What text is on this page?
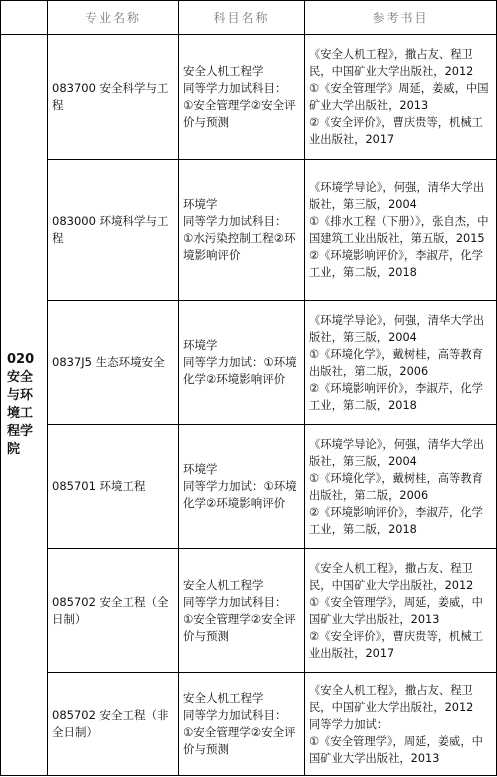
	专业名称	科目名称	参考书目
020 安全与环境工程学院	083700 安全科学与工程	安全人机工程学
同等学力加试科目：
①安全管理学②安全评价与预测	《安全人机工程》，撒占友、程卫民，中国矿业大学出版社，2012
①《安全管理学》周延，姜威，中国矿业大学出版社，2013
②《安全评价》，曹庆贵等，机械工业出版社，2017

	083000 环境科学与工程	环境学
同等学力加试科目：
①水污染控制工程②环境影响评价	《环境学导论》，何强，清华大学出版社，第三版，2004
①《排水工程（下册）》，张自杰，中国建筑工业出版社，第五版，2015
②《环境影响评价》，李淑芹，化学工业，第二版，2018

	0837J5 生态环境安全	环境学
同等学力加试：①环境化学②环境影响评价	《环境学导论》，何强，清华大学出版社，第三版，2004
①《环境化学》，戴树桂，高等教育出版社，第二版，2006
②《环境影响评价》，李淑芹，化学工业，第二版，2018

	085701 环境工程	环境学
同等学力加试：①环境化学②环境影响评价	《环境学导论》，何强，清华大学出版社，第三版，2004
①《环境化学》，戴树桂，高等教育出版社，第二版，2006
②《环境影响评价》，李淑芹，化学工业，第二版，2018

	085702 安全工程（全日制）	安全人机工程学
同等学力加试科目：
①安全管理学②安全评价与预测	《安全人机工程》，撒占友、程卫民，中国矿业大学出版社，2012
①《安全管理学》，周延，姜威，中国矿业大学出版社，2013
②《安全评价》，曹庆贵等，机械工业出版社，2017

	085702 安全工程（非全日制）	安全人机工程学
同等学力加试科目：
①安全管理学②安全评价与预测	《安全人机工程》，撒占友、程卫民，中国矿业大学出版社，2012
同等学力加试：
①《安全管理学》，周延，姜威，中国矿业大学出版社，2013
